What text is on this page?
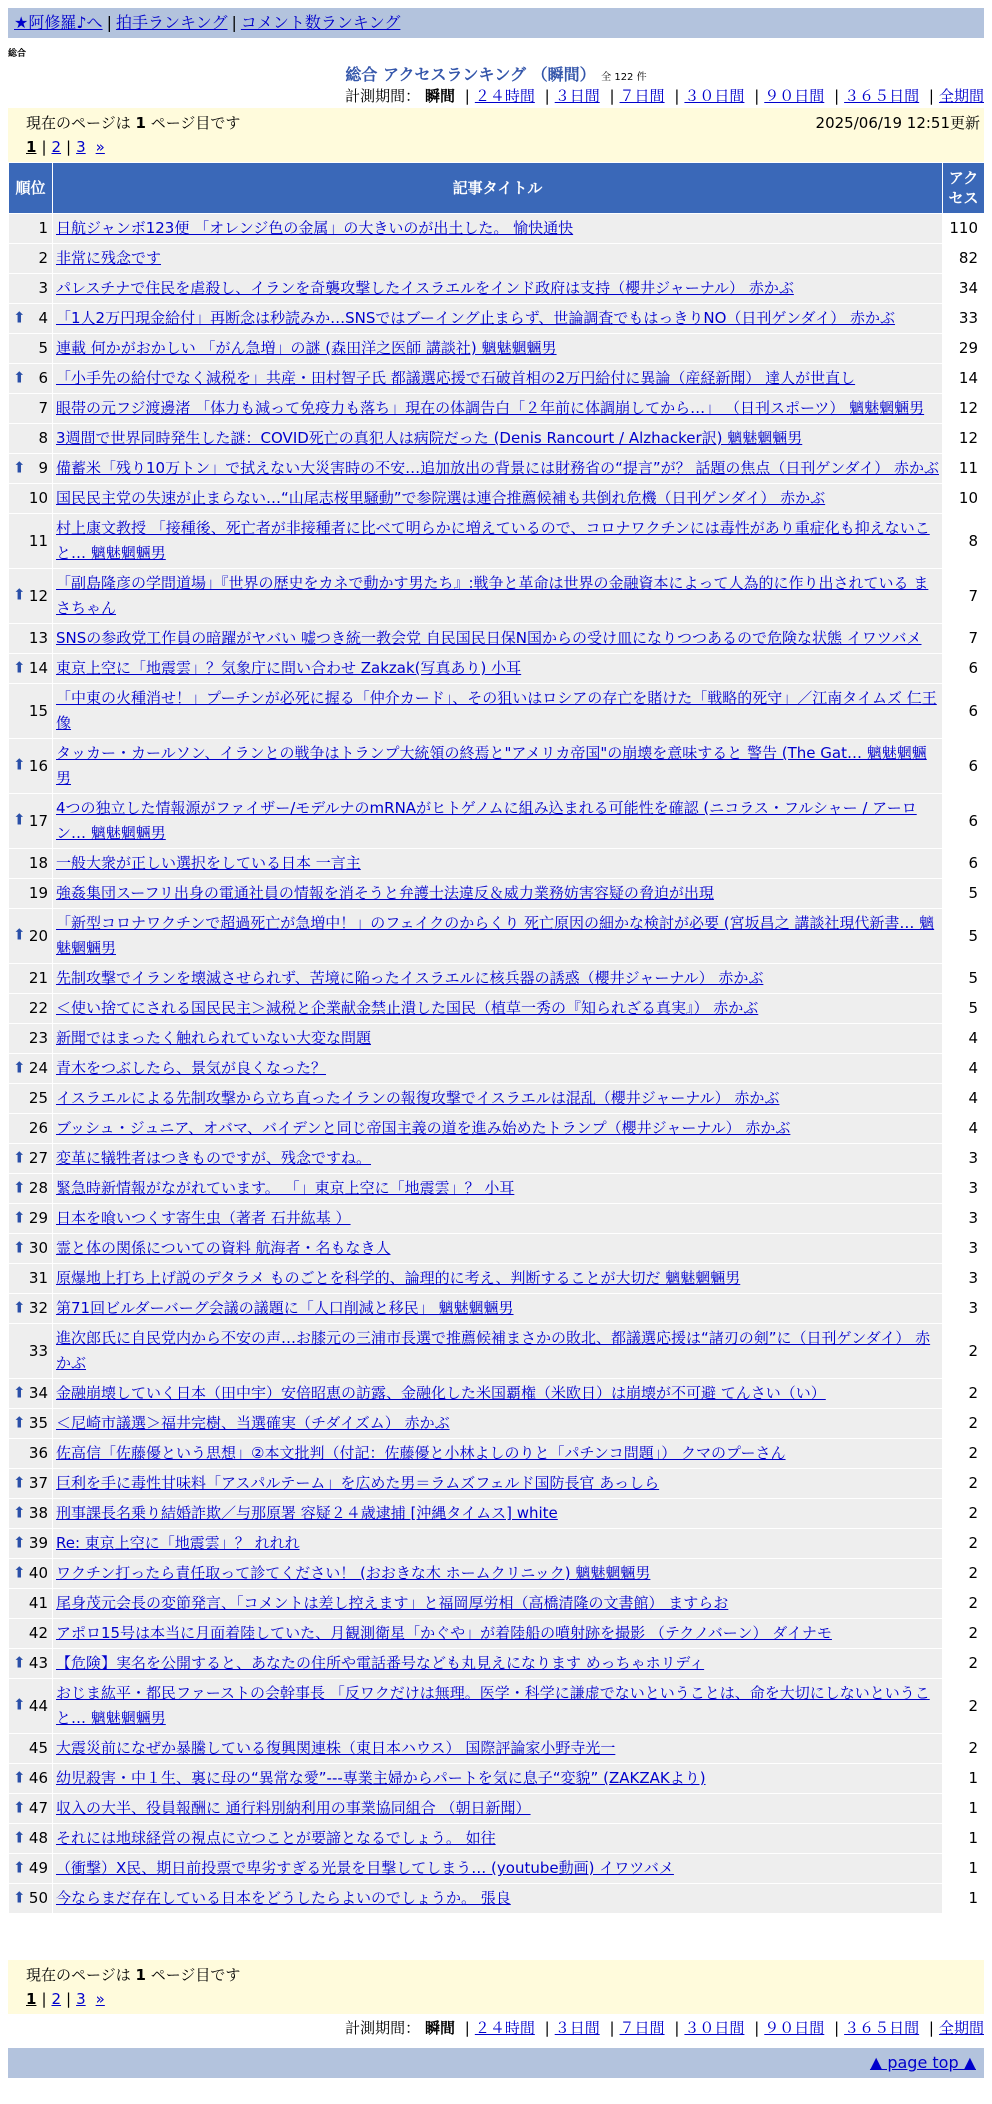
★阿修羅♪へ | 拍手ランキング | コメント数ランキング
総合
総合 アクセスランキング （瞬間） 全 122 件
計測期間： 瞬間 | ２４時間 | ３日間 | ７日間 | ３０日間 | ９０日間 | ３６５日間 | 全期間
現在のページは 1 ページ目です	2025/06/19 12:51更新
1 | 2 | 3 »
順位	記事タイトル	アクセス
1	日航ジャンボ123便 「オレンジ色の金属」の大きいのが出土した。 愉快通快	110
2	非常に残念です	82
3	パレスチナで住民を虐殺し、イランを奇襲攻撃したイスラエルをインド政府は支持（櫻井ジャーナル） 赤かぶ	34

⬆ 4	「1人2万円現金給付」再断念は秒読みか…SNSではブーイング止まらず、世論調査でもはっきりNO（日刊ゲンダイ） 赤かぶ	33
5	連載 何かがおかしい 「がん急増」の謎 (森田洋之医師 講談社) 魑魅魍魎男	29

⬆ 6	「小手先の給付でなく減税を」共産・田村智子氏 都議選応援で石破首相の2万円給付に異論（産経新聞） 達人が世直し	14
7	眼帯の元フジ渡邊渚 「体力も減って免疫力も落ち」現在の体調告白「２年前に体調崩してから…」 （日刊スポーツ） 魑魅魍魎男	12
8	3週間で世界同時発生した謎：COVID死亡の真犯人は病院だった (Denis Rancourt / Alzhacker訳) 魑魅魍魎男	12

⬆ 9	備蓄米「残り10万トン」で拭えない大災害時の不安…追加放出の背景には財務省の“提言”が？ 話題の焦点（日刊ゲンダイ） 赤かぶ	11
10	国民民主党の失速が止まらない…“山尾志桜里騒動”で参院選は連合推薦候補も共倒れ危機（日刊ゲンダイ） 赤かぶ	10
11	村上康文教授 「接種後、死亡者が非接種者に比べて明らかに増えているので、コロナワクチンには毒性があり重症化も抑えないこと… 魑魅魍魎男	8

⬆ 12	「副島隆彦の学問道場」『世界の歴史をカネで動かす男たち』:戦争と革命は世界の金融資本によって人為的に作り出されている まさちゃん	7
13	SNSの参政党工作員の暗躍がヤバい 嘘つき統一教会党 自民国民日保N国からの受け皿になりつつあるので危険な状態 イワツバメ	7

⬆ 14	東京上空に「地震雲」？気象庁に問い合わせ Zakzak(写真あり) 小耳	6
15	「中東の火種消せ！」プーチンが必死に握る「仲介カード」、その狙いはロシアの存亡を賭けた「戦略的死守」／江南タイムズ 仁王像	6

⬆ 16	タッカー・カールソン、イランとの戦争はトランプ大統領の終焉と"アメリカ帝国"の崩壊を意味すると 警告 (The Gat… 魑魅魍魎男	6

⬆ 17	4つの独立した情報源がファイザー/モデルナのmRNAがヒトゲノムに組み込まれる可能性を確認 (ニコラス・フルシャー / アーロン… 魑魅魍魎男	6
18	一般大衆が正しい選択をしている日本 一言主	6
19	強姦集団スーフリ出身の電通社員の情報を消そうと弁護士法違反＆威力業務妨害容疑の脅迫が出現	5

⬆ 20	「新型コロナワクチンで超過死亡が急増中！」のフェイクのからくり 死亡原因の細かな検討が必要 (宮坂昌之 講談社現代新書… 魑魅魍魎男	5
21	先制攻撃でイランを壊滅させられず、苦境に陥ったイスラエルに核兵器の誘惑（櫻井ジャーナル） 赤かぶ	5
22	＜使い捨てにされる国民民主＞減税と企業献金禁止潰した国民（植草一秀の『知られざる真実』） 赤かぶ	5
23	新聞ではまったく触れられていない大変な問題	4

⬆ 24	青木をつぶしたら、景気が良くなった？	4
25	イスラエルによる先制攻撃から立ち直ったイランの報復攻撃でイスラエルは混乱（櫻井ジャーナル） 赤かぶ	4
26	ブッシュ・ジュニア、オバマ、バイデンと同じ帝国主義の道を進み始めたトランプ（櫻井ジャーナル） 赤かぶ	4

⬆ 27	変革に犠牲者はつきものですが、残念ですね。	3

⬆ 28	緊急時新情報がながれています。 「」東京上空に「地震雲」？ 小耳	3

⬆ 29	日本を喰いつくす寄生虫（著者 石井紘基 ）	3

⬆ 30	霊と体の関係についての資料 航海者・名もなき人	3
31	原爆地上打ち上げ説のデタラメ ものごとを科学的、論理的に考え、判断することが大切だ 魑魅魍魎男	3

⬆ 32	第71回ビルダーバーグ会議の議題に「人口削減と移民」 魑魅魍魎男	3
33	進次郎氏に自民党内から不安の声…お膝元の三浦市長選で推薦候補まさかの敗北、都議選応援は“諸刃の剣”に（日刊ゲンダイ） 赤かぶ	2

⬆ 34	金融崩壊していく日本（田中宇）安倍昭恵の訪露、金融化した米国覇権（米欧日）は崩壊が不可避 てんさい（い）	2

⬆ 35	＜尼崎市議選＞福井完樹、当選確実（チダイズム） 赤かぶ	2
36	佐高信「佐藤優という思想」②本文批判（付記：佐藤優と小林よしのりと「パチンコ問題」） クマのプーさん	2

⬆ 37	巨利を手に毒性甘味料「アスパルテーム」を広めた男＝ラムズフェルド国防長官 あっしら	2

⬆ 38	刑事課長名乗り結婚詐欺／与那原署 容疑２４歳逮捕 [沖縄タイムス] white	2

⬆ 39	Re: 東京上空に「地震雲」？ れれれ	2

⬆ 40	ワクチン打ったら責任取って診てください！ (おおきな木 ホームクリニック) 魑魅魍魎男	2
41	尾身茂元会長の変節発言、「コメントは差し控えます」と福岡厚労相（高橋清隆の文書館） ますらお	2
42	アポロ15号は本当に月面着陸していた、月観測衛星「かぐや」が着陸船の噴射跡を撮影 （テクノバーン） ダイナモ	2

⬆ 43	【危険】実名を公開すると、あなたの住所や電話番号なども丸見えになります めっちゃホリディ	2

⬆ 44	おじま紘平・都民ファーストの会幹事長 「反ワクだけは無理。医学・科学に謙虚でないということは、命を大切にしないということ… 魑魅魍魎男	2
45	大震災前になぜか暴騰している復興関連株（東日本ハウス） 国際評論家小野寺光一	2

⬆ 46	幼児殺害・中１生、裏に母の“異常な愛”---専業主婦からパートを気に息子“変貌” (ZAKZAKより)	1

⬆ 47	収入の大半、役員報酬に 通行料別納利用の事業協同組合 （朝日新聞）	1

⬆ 48	それには地球経営の視点に立つことが要諦となるでしょう。 如往	1

⬆ 49	（衝撃）X民、期日前投票で卑劣すぎる光景を目撃してしまう… (youtube動画) イワツバメ	1

⬆ 50	今ならまだ存在している日本をどうしたらよいのでしょうか。 張良	1
現在のページは 1 ページ目です
1 | 2 | 3 »
計測期間： 瞬間 | ２４時間 | ３日間 | ７日間 | ３０日間 | ９０日間 | ３６５日間 | 全期間
▲ page top ▲
